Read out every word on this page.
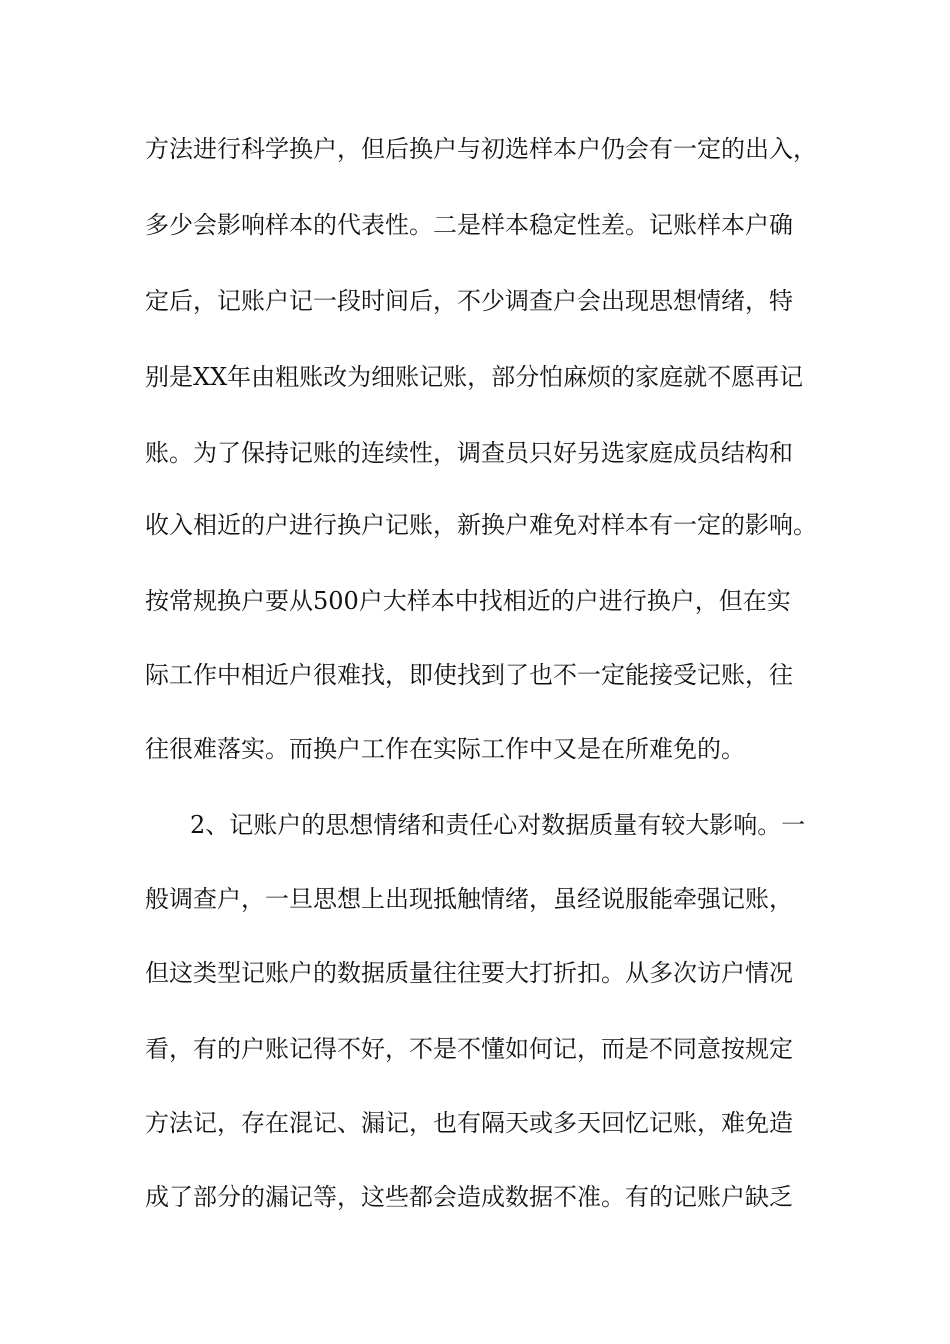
方法进行科学换户，但后换户与初选样本户仍会有一定的出入，
多少会影响样本的代表性。二是样本稳定性差。记账样本户确
定后，记账户记一段时间后，不少调查户会出现思想情绪，特
别是XX年由粗账改为细账记账，部分怕麻烦的家庭就不愿再记
账。为了保持记账的连续性，调查员只好另选家庭成员结构和
收入相近的户进行换户记账，新换户难免对样本有一定的影响。
按常规换户要从500户大样本中找相近的户进行换户，但在实
际工作中相近户很难找，即使找到了也不一定能接受记账，往
往很难落实。而换户工作在实际工作中又是在所难免的。
2、记账户的思想情绪和责任心对数据质量有较大影响。一
般调查户，一旦思想上出现抵触情绪，虽经说服能牵强记账，
但这类型记账户的数据质量往往要大打折扣。从多次访户情况
看，有的户账记得不好，不是不懂如何记，而是不同意按规定
方法记，存在混记、漏记，也有隔天或多天回忆记账，难免造
成了部分的漏记等，这些都会造成数据不准。有的记账户缺乏
